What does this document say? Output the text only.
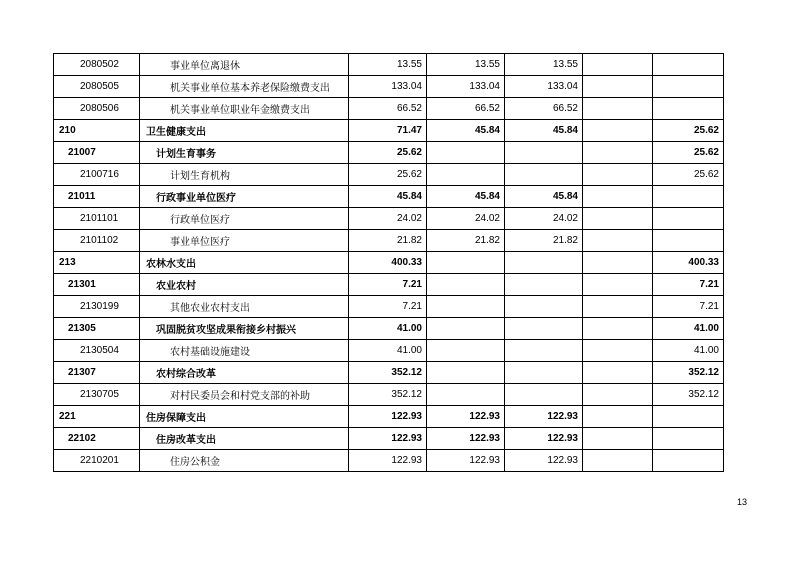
2080502	事业单位离退休	13.55	13.55	13.55		
2080505	机关事业单位基本养老保险缴费支出	133.04	133.04	133.04		
2080506	机关事业单位职业年金缴费支出	66.52	66.52	66.52		
210	卫生健康支出	71.47	45.84	45.84		25.62
21007	计划生育事务	25.62				25.62
2100716	计划生育机构	25.62				25.62
21011	行政事业单位医疗	45.84	45.84	45.84		
2101101	行政单位医疗	24.02	24.02	24.02		
2101102	事业单位医疗	21.82	21.82	21.82		
213	农林水支出	400.33				400.33
21301	农业农村	7.21				7.21
2130199	其他农业农村支出	7.21				7.21
21305	巩固脱贫攻坚成果衔接乡村振兴	41.00				41.00
2130504	农村基础设施建设	41.00				41.00
21307	农村综合改革	352.12				352.12
2130705	对村民委员会和村党支部的补助	352.12				352.12
221	住房保障支出	122.93	122.93	122.93		
22102	住房改革支出	122.93	122.93	122.93		
2210201	住房公积金	122.93	122.93	122.93		
13
